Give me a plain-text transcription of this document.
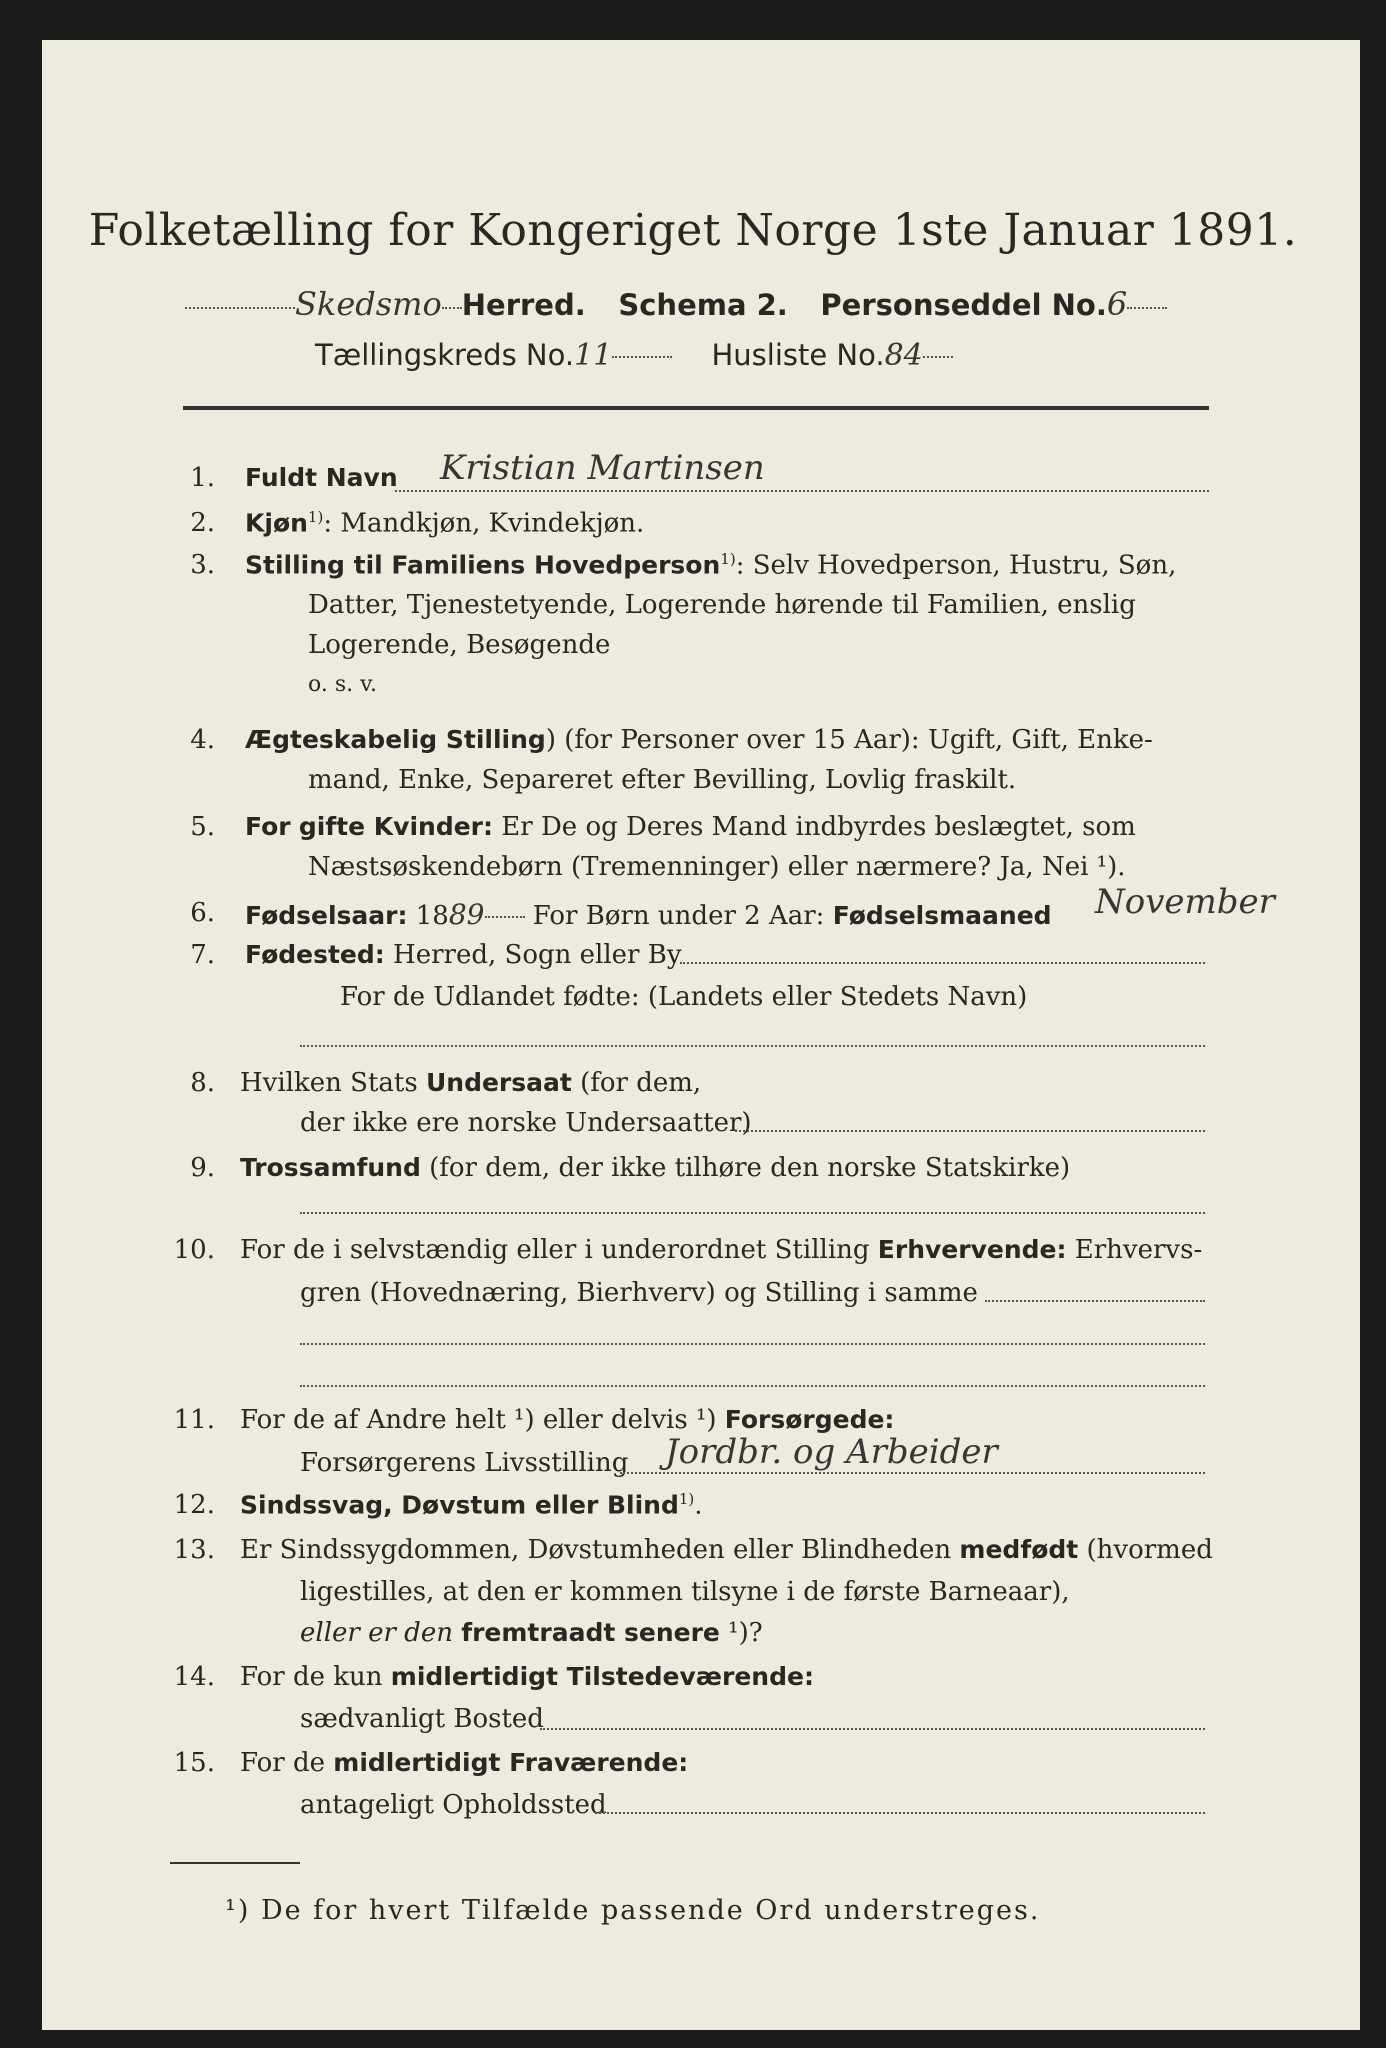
Folketælling for Kongeriget Norge 1ste Januar 1891.
Skedsmo Herred. Schema 2. Personseddel No.6
Tællingskreds No.11	Husliste No.84
1. Fuldt Navn Kristian Martinsen
2. Kjøn$^{1)}$: Mandkjøn, Kvindekjøn.
3. Stilling til Familiens Hovedperson$^{1)}$: Selv Hovedperson, Hustru, Søn,
Datter, Tjenestetyende, Logerende hørende til Familien, enslig
Logerende, Besøgende
o. s. v.
4. Ægteskabelig Stilling) (for Personer over 15 Aar): Ugift, Gift, Enke-
mand, Enke, Separeret efter Bevilling, Lovlig fraskilt.
5. For gifte Kvinder: Er De og Deres Mand indbyrdes beslægtet, som
Næstsøskendebørn (Tremenninger) eller nærmere? Ja, Nei ¹).
6. Fødselsaar: 1889 For Børn under 2 Aar: Fødselsmaaned November
7. Fødested: Herred, Sogn eller By
For de Udlandet fødte: (Landets eller Stedets Navn)
8. Hvilken Stats Undersaat (for dem,
der ikke ere norske Undersaatter)
9. Trossamfund (for dem, der ikke tilhøre den norske Statskirke)
10. For de i selvstændig eller i underordnet Stilling Erhvervende: Erhvervs-
gren (Hovednæring, Bierhverv) og Stilling i samme
11. For de af Andre helt ¹) eller delvis ¹) Forsørgede:
Forsørgerens Livsstilling Jordbr. og Arbeider
12. Sindssvag, Døvstum eller Blind$^{1)}$.
13. Er Sindssygdommen, Døvstumheden eller Blindheden medfødt (hvormed
ligestilles, at den er kommen tilsyne i de første Barneaar),
eller er den fremtraadt senere ¹)?
14. For de kun midlertidigt Tilstedeværende:
sædvanligt Bosted
15. For de midlertidigt Fraværende:
antageligt Opholdssted
¹) De for hvert Tilfælde passende Ord understreges.
